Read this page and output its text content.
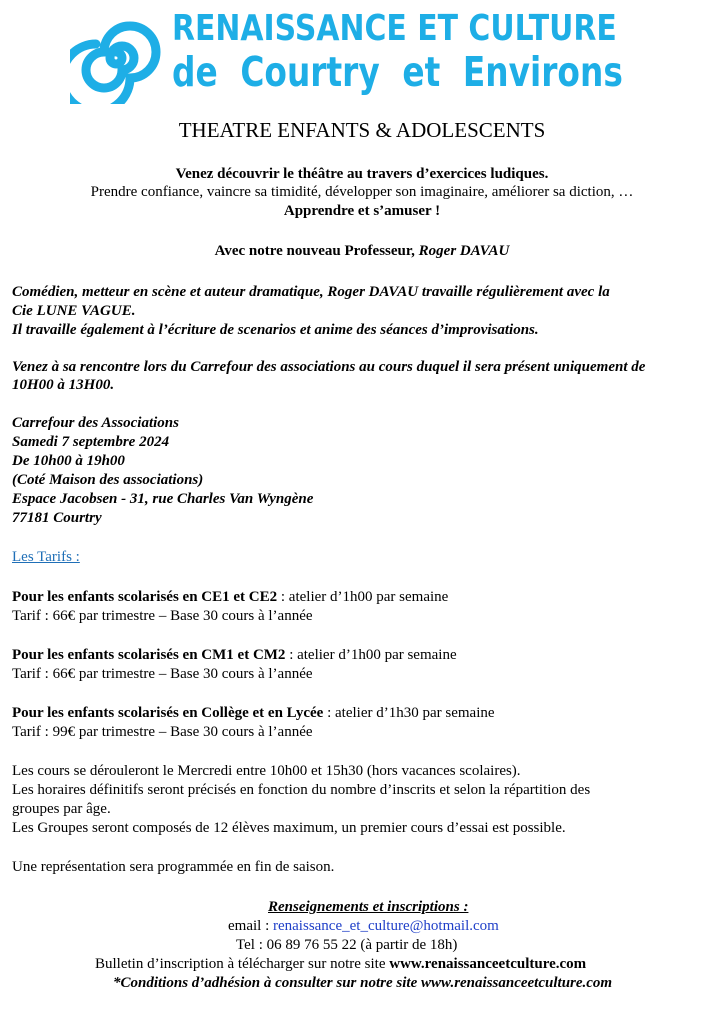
RENAISSANCE ET CULTURE
de Courtry et Environs
THEATRE ENFANTS & ADOLESCENTS
Venez découvrir le théâtre au travers d’exercices ludiques.
Prendre confiance, vaincre sa timidité, développer son imaginaire, améliorer sa diction, …
Apprendre et s’amuser !
Avec notre nouveau Professeur, Roger DAVAU
Comédien, metteur en scène et auteur dramatique, Roger DAVAU travaille régulièrement avec la
Cie LUNE VAGUE.
Il travaille également à l’écriture de scenarios et anime des séances d’improvisations.
Venez à sa rencontre lors du Carrefour des associations au cours duquel il sera présent uniquement de
10H00 à 13H00.
Carrefour des Associations
Samedi 7 septembre 2024
De 10h00 à 19h00
(Coté Maison des associations)
Espace Jacobsen - 31, rue Charles Van Wyngène
77181 Courtry
Les Tarifs :
Pour les enfants scolarisés en CE1 et CE2 : atelier d’1h00 par semaine
Tarif : 66€ par trimestre – Base 30 cours à l’année
Pour les enfants scolarisés en CM1 et CM2 : atelier d’1h00 par semaine
Tarif : 66€ par trimestre – Base 30 cours à l’année
Pour les enfants scolarisés en Collège et en Lycée : atelier d’1h30 par semaine
Tarif : 99€ par trimestre – Base 30 cours à l’année
Les cours se dérouleront le Mercredi entre 10h00 et 15h30 (hors vacances scolaires).
Les horaires définitifs seront précisés en fonction du nombre d’inscrits et selon la répartition des
groupes par âge.
Les Groupes seront composés de 12 élèves maximum, un premier cours d’essai est possible.
Une représentation sera programmée en fin de saison.
Renseignements et inscriptions :
email : renaissance_et_culture@hotmail.com
Tel : 06 89 76 55 22 (à partir de 18h)
Bulletin d’inscription à télécharger sur notre site www.renaissanceetculture.com
*Conditions d’adhésion à consulter sur notre site www.renaissanceetculture.com
